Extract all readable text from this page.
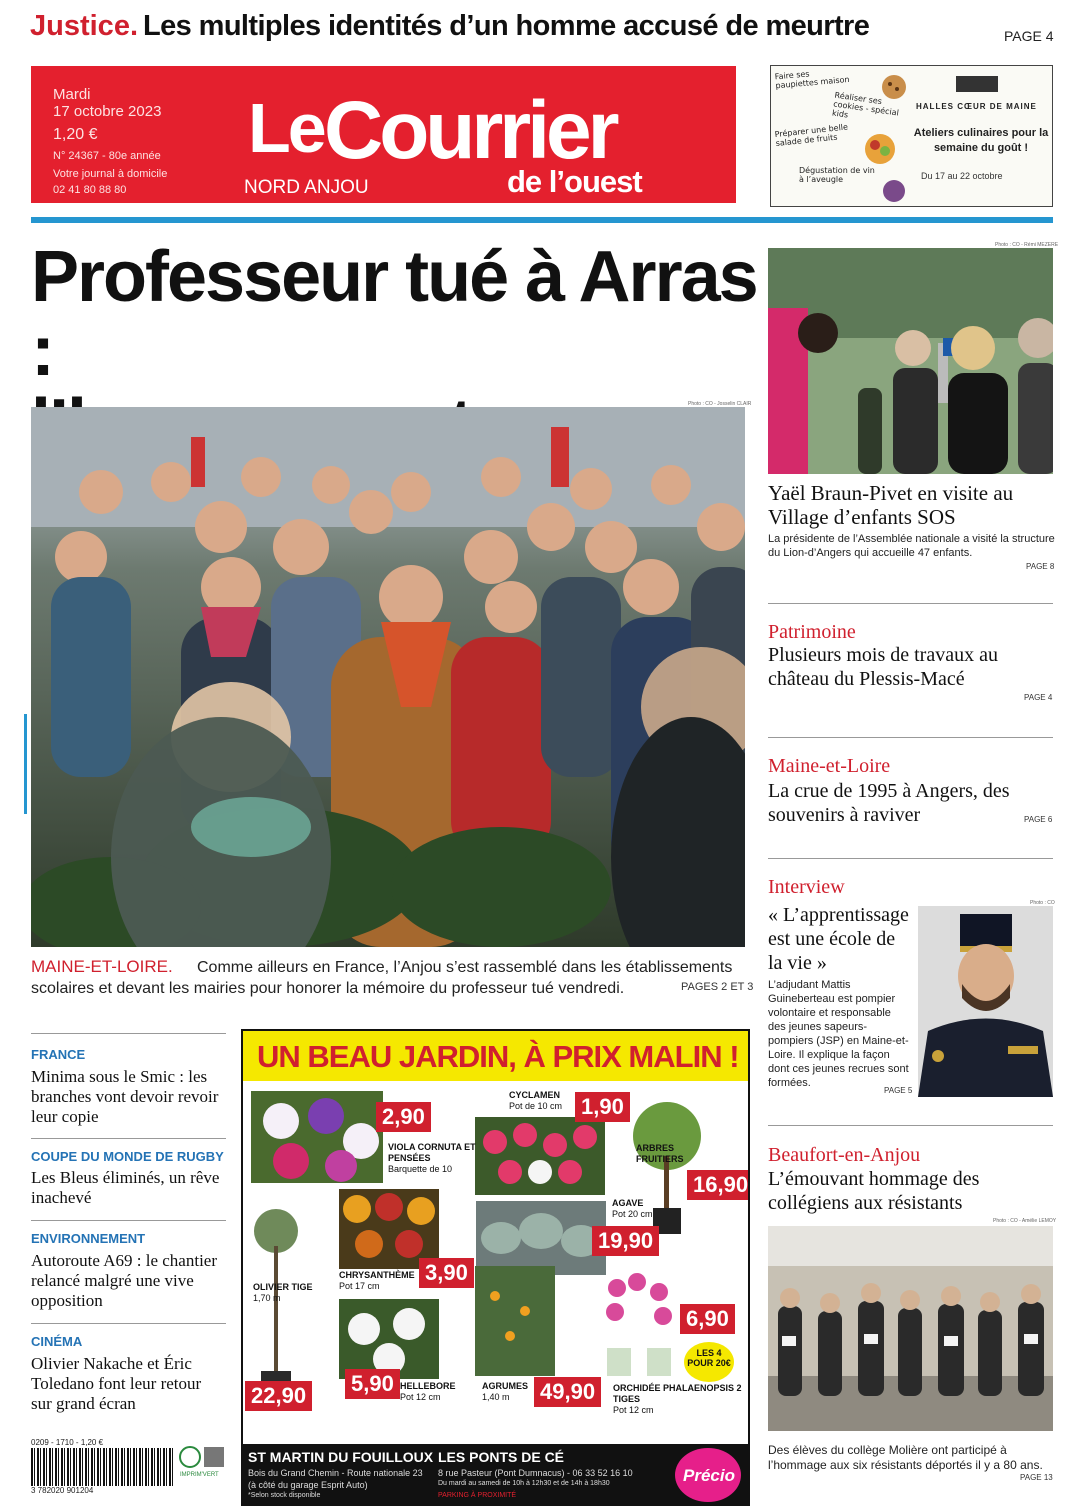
Justice. Les multiples identités d’un homme accusé de meurtre	PAGE 4
Mardi
17 octobre 2023
1,20 €
N° 24367 - 80e année
Votre journal à domicile
02 41 80 88 80
Le Courrier
NORD ANJOU	de l’ouest
Faire ses paupiettes maison
Réaliser ses cookies - spécial kids
Préparer une belle salade de fruits
Dégustation de vin à l’aveugle
HALLES CŒUR DE MAINE
Ateliers culinaires pour la semaine du goût !
Du 17 au 22 octobre
Professeur tué à Arras :
Photo : CO - Josselin CLAIR
MAINE-ET-LOIRE.	Comme ailleurs en France, l’Anjou s’est rassemblé dans les établissements scolaires et devant les mairies pour honorer la mémoire du professeur tué vendredi.	PAGES 2 ET 3
Photo : CO - Rémi MEZERE
Yaël Braun-Pivet en visite au Village d’enfants SOS
La présidente de l’Assemblée nationale a visité la structure du Lion-d’Angers qui accueille 47 enfants.
PAGE 8
Patrimoine
Plusieurs mois de travaux au château du Plessis-Macé
PAGE 4
Maine-et-Loire
La crue de 1995 à Angers, des souvenirs à raviver	PAGE 6
Interview
« L’apprentissage est une école de la vie »
L’adjudant Mattis Guineberteau est pompier volontaire et responsable des jeunes sapeurs-pompiers (JSP) en Maine-et-Loire. Il explique la façon dont ces jeunes recrues sont formées.
PAGE 5
Photo : CO
Beaufort-en-Anjou
L’émouvant hommage des collégiens aux résistants
Photo : CO - Amélie LEMOY
Des élèves du collège Molière ont participé à l’hommage aux six résistants déportés il y a 80 ans.
PAGE 13
FRANCE
Minima sous le Smic : les branches vont devoir revoir leur copie
COUPE DU MONDE DE RUGBY
Les Bleus éliminés, un rêve inachevé
ENVIRONNEMENT
Autoroute A69 : le chantier relancé malgré une vive opposition
CINÉMA
Olivier Nakache et Éric Toledano font leur retour sur grand écran
0209 - 1710 - 1,20 €
3 782020 901204
IMPRIM'VERT
UN BEAU JARDIN, À PRIX MALIN !
2,90
VIOLA CORNUTA ET PENSÉES
Barquette de 10
CYCLAMEN
Pot de 10 cm 1,90
ARBRES FRUITIERS
16,90
AGAVE
Pot 20 cm
19,90
OLIVIER TIGE
1,70 m
22,90
CHRYSANTHÈME
Pot 17 cm
3,90
5,90 HELLEBORE
Pot 12 cm
AGRUMES
1,40 m	49,90
6,90
LES 4 POUR 20€
ORCHIDÉE PHALAENOPSIS 2 TIGES
Pot 12 cm
ST MARTIN DU FOUILLOUX
Bois du Grand Chemin - Route nationale 23
(à côté du garage Esprit Auto)
*Selon stock disponible
LES PONTS DE CÉ
8 rue Pasteur (Pont Dumnacus) - 06 33 52 16 10
Du mardi au samedi de 10h à 12h30 et de 14h à 18h30
PARKING À PROXIMITÉ
Précio
